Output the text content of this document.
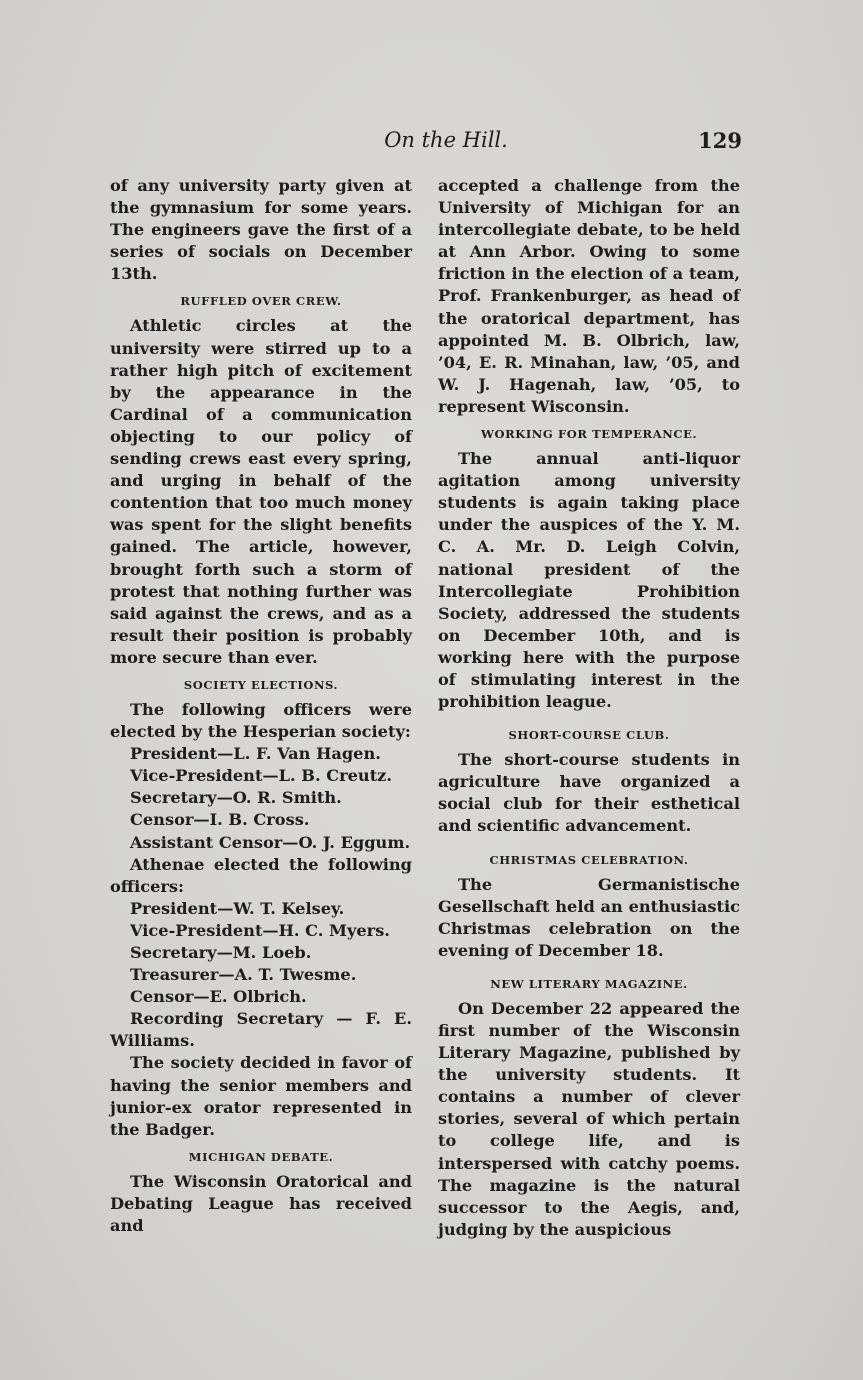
On the Hill.	129

of any university party given at the gymnasium for some years. The engineers gave the first of a series of socials on December 13th.

RUFFLED OVER CREW.

Athletic circles at the university were stirred up to a rather high pitch of excitement by the appearance in the Cardinal of a communication objecting to our policy of sending crews east every spring, and urging in behalf of the contention that too much money was spent for the slight benefits gained. The article, however, brought forth such a storm of protest that nothing further was said against the crews, and as a result their position is probably more secure than ever.

SOCIETY ELECTIONS.

The following officers were elected by the Hesperian society:

President—L. F. Van Hagen.
Vice-President—L. B. Creutz.
Secretary—O. R. Smith.
Censor—I. B. Cross.
Assistant Censor—O. J. Eggum.

Athenae elected the following officers:

President—W. T. Kelsey.
Vice-President—H. C. Myers.
Secretary—M. Loeb.
Treasurer—A. T. Twesme.
Censor—E. Olbrich.

Recording Secretary — F. E. Williams.

The society decided in favor of having the senior members and junior-ex orator represented in the Badger.

MICHIGAN DEBATE.

The Wisconsin Oratorical and Debating League has received and

accepted a challenge from the University of Michigan for an intercollegiate debate, to be held at Ann Arbor. Owing to some friction in the election of a team, Prof. Frankenburger, as head of the oratorical department, has appointed M. B. Olbrich, law, ’04, E. R. Minahan, law, ’05, and W. J. Hagenah, law, ’05, to represent Wisconsin.

WORKING FOR TEMPERANCE.

The annual anti-liquor agitation among university students is again taking place under the auspices of the Y. M. C. A. Mr. D. Leigh Colvin, national president of the Intercollegiate Prohibition Society, addressed the students on December 10th, and is working here with the purpose of stimulating interest in the prohibition league.

SHORT-COURSE CLUB.

The short-course students in agriculture have organized a social club for their esthetical and scientific advancement.

CHRISTMAS CELEBRATION.

The Germanistische Gesellschaft held an enthusiastic Christmas celebration on the evening of December 18.

NEW LITERARY MAGAZINE.

On December 22 appeared the first number of the Wisconsin Literary Magazine, published by the university students. It contains a number of clever stories, several of which pertain to college life, and is interspersed with catchy poems. The magazine is the natural successor to the Aegis, and, judging by the auspicious
